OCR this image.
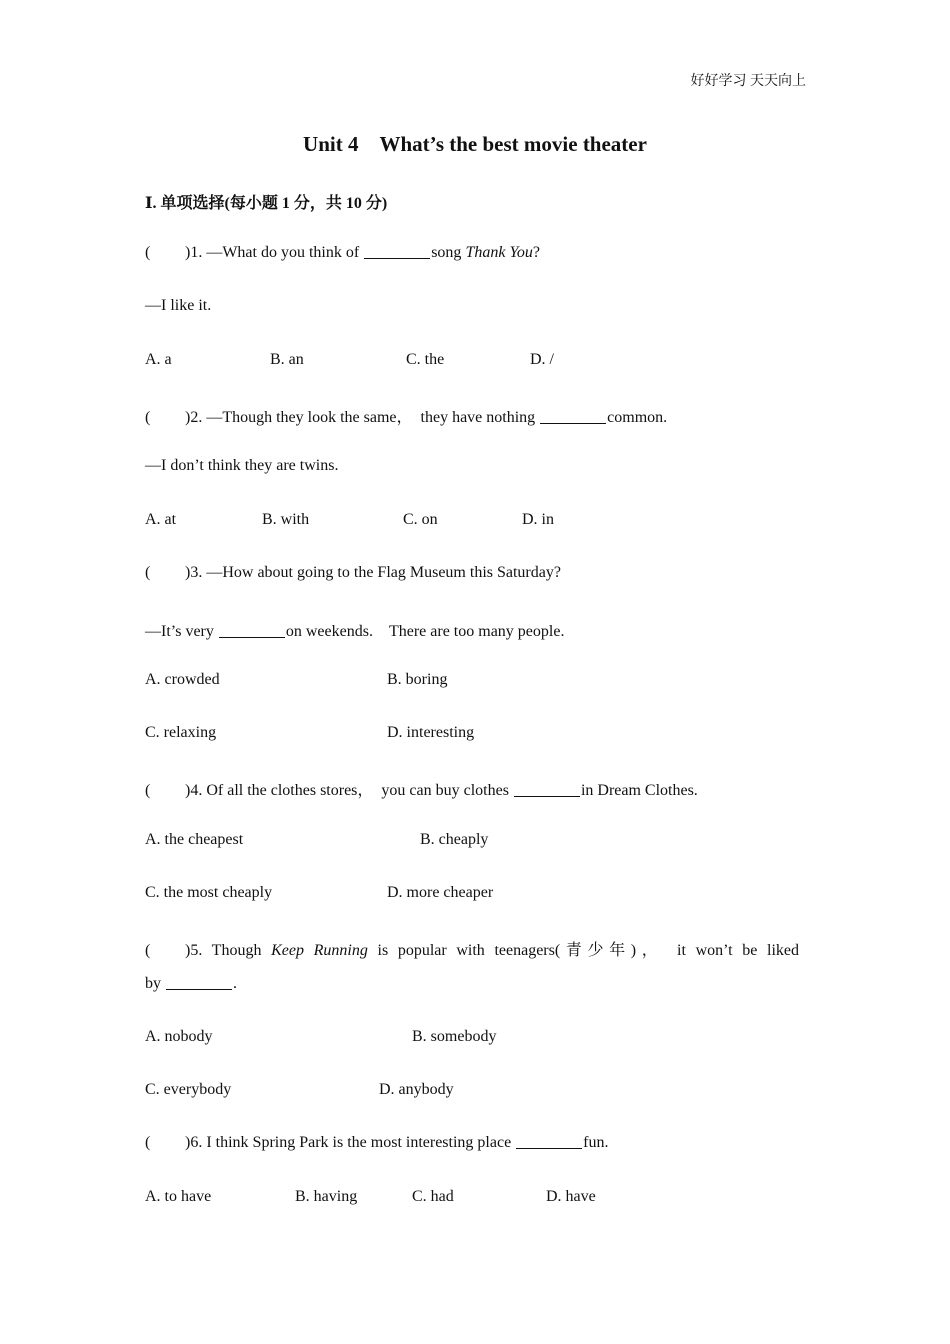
好好学习 天天向上
Unit 4　What’s the best movie theater
Ⅰ. 单项选择(每小题 1 分，共 10 分)
( )1. —What do you think of	song Thank You?
—I like it.
A. a	B. an	C. the	D. /
( )2. —Though they look the same，　they have nothing	common.
—I don’t think they are twins.
A. at	B. with	C. on	D. in
( )3. —How about going to the Flag Museum this Saturday?
—It’s very	on weekends.　There are too many people.
A. crowded	B. boring
C. relaxing	D. interesting
( )4. Of all the clothes stores，　you can buy clothes	in Dream Clothes.
A. the cheapest	B. cheaply
C. the most cheaply	D. more cheaper
( )5. Though Keep Running is popular with teenagers(青少年)，　it won’t be liked
by	.
A. nobody	B. somebody
C. everybody	D. anybody
( )6. I think Spring Park is the most interesting place	fun.
A. to have	B. having	C. had	D. have
